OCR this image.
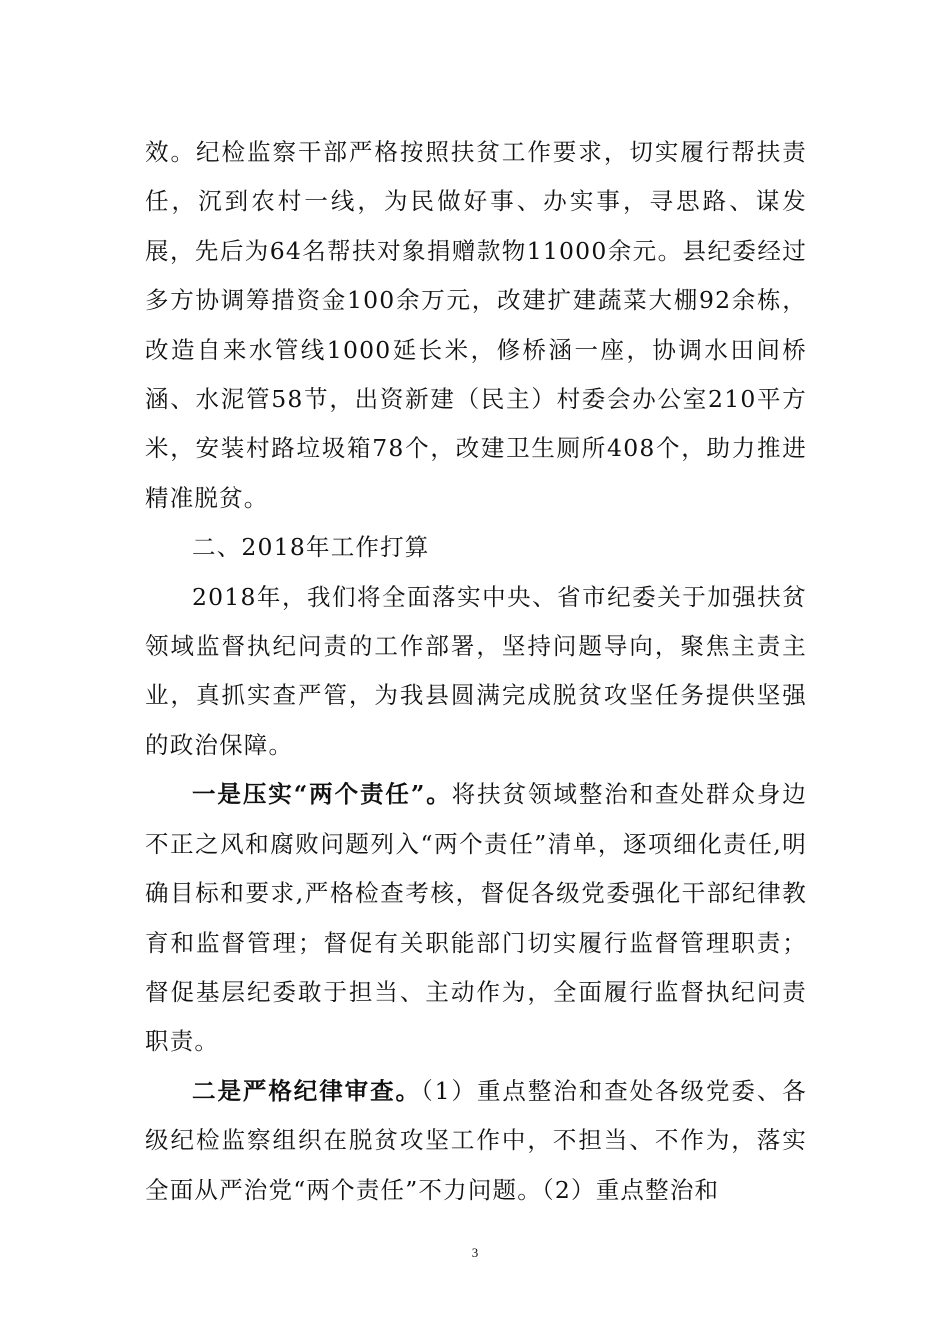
效。纪检监察干部严格按照扶贫工作要求，切实履行帮扶责任，沉到农村一线，为民做好事、办实事，寻思路、谋发展，先后为64名帮扶对象捐赠款物11000余元。县纪委经过多方协调筹措资金100余万元，改建扩建蔬菜大棚92余栋，改造自来水管线1000延长米，修桥涵一座，协调水田间桥涵、水泥管58节，出资新建（民主）村委会办公室210平方米，安装村路垃圾箱78个，改建卫生厕所408个，助力推进精准脱贫。

二、2018年工作打算

2018年，我们将全面落实中央、省市纪委关于加强扶贫领域监督执纪问责的工作部署，坚持问题导向，聚焦主责主业，真抓实查严管，为我县圆满完成脱贫攻坚任务提供坚强的政治保障。

一是压实“两个责任”。将扶贫领域整治和查处群众身边不正之风和腐败问题列入“两个责任”清单，逐项细化责任,明确目标和要求,严格检查考核，督促各级党委强化干部纪律教育和监督管理；督促有关职能部门切实履行监督管理职责；督促基层纪委敢于担当、主动作为，全面履行监督执纪问责职责。

二是严格纪律审查。（1）重点整治和查处各级党委、各级纪检监察组织在脱贫攻坚工作中，不担当、不作为，落实全面从严治党“两个责任”不力问题。（2）重点整治和

3
